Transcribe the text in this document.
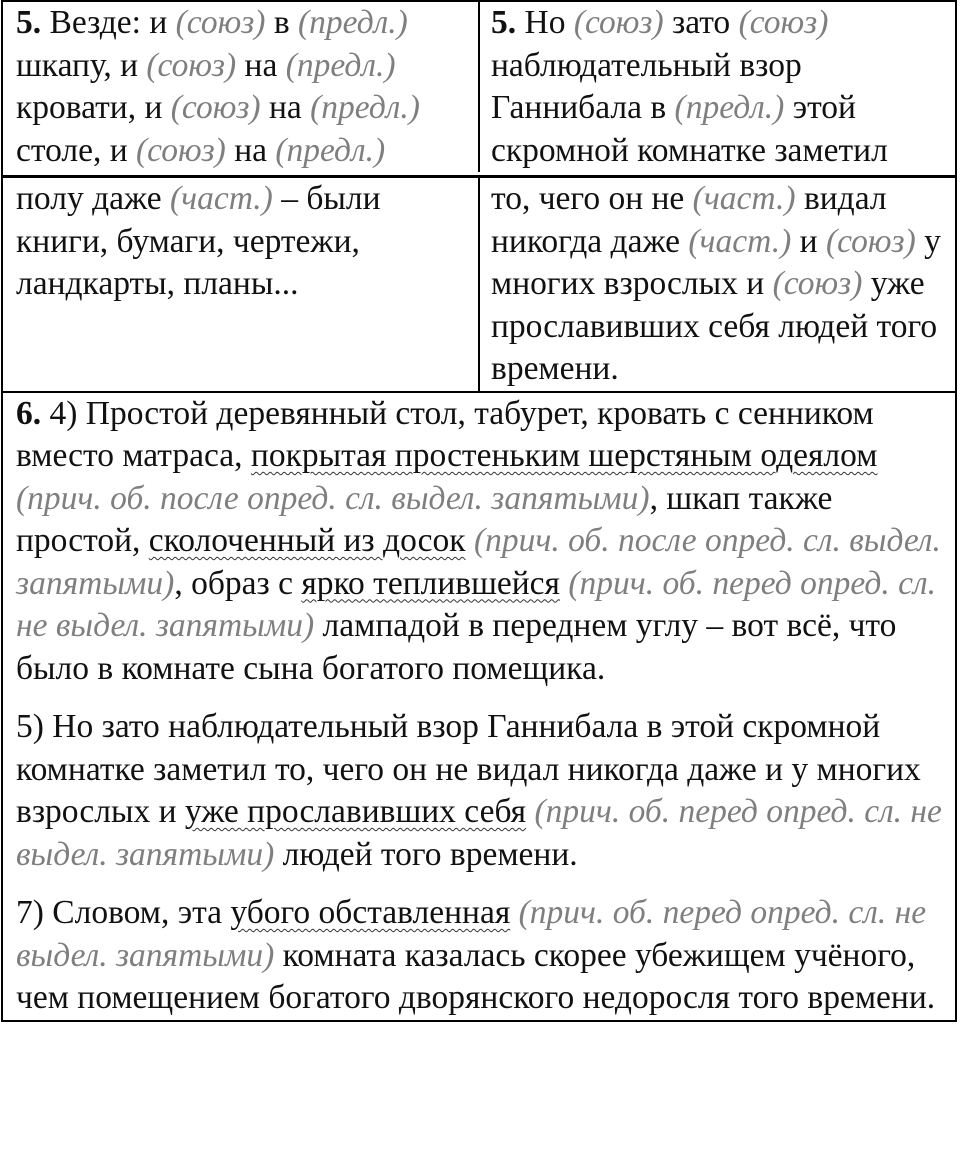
5. Везде: и (союз) в (предл.) шкапу, и (союз) на (предл.) кровати, и (союз) на (предл.) столе, и (союз) на (предл.)
5. Но (союз) зато (союз) наблюдательный взор Ганнибала в (предл.) этой скромной комнатке заметил
полу даже (част.) – были книги, бумаги, чертежи, ландкарты, планы...
то, чего он не (част.) видал никогда даже (част.) и (союз) у многих взрослых и (союз) уже прославивших себя людей того времени.

6. 4) Простой деревянный стол, табурет, кровать с сенником вместо матраса, покрытая простеньким шерстяным одеялом (прич. об. после опред. сл. выдел. запятыми), шкап также простой, сколоченный из досок (прич. об. после опред. сл. выдел. запятыми), образ с ярко теплившейся (прич. об. перед опред. сл. не выдел. запятыми) лампадой в переднем углу – вот всё, что было в комнате сына богатого помещика.

5) Но зато наблюдательный взор Ганнибала в этой скромной комнатке заметил то, чего он не видал никогда даже и у многих взрослых и уже прославивших себя (прич. об. перед опред. сл. не выдел. запятыми) людей того времени.

7) Словом, эта убого обставленная (прич. об. перед опред. сл. не выдел. запятыми) комната казалась скорее убежищем учёного, чем помещением богатого дворянского недоросля того времени.
